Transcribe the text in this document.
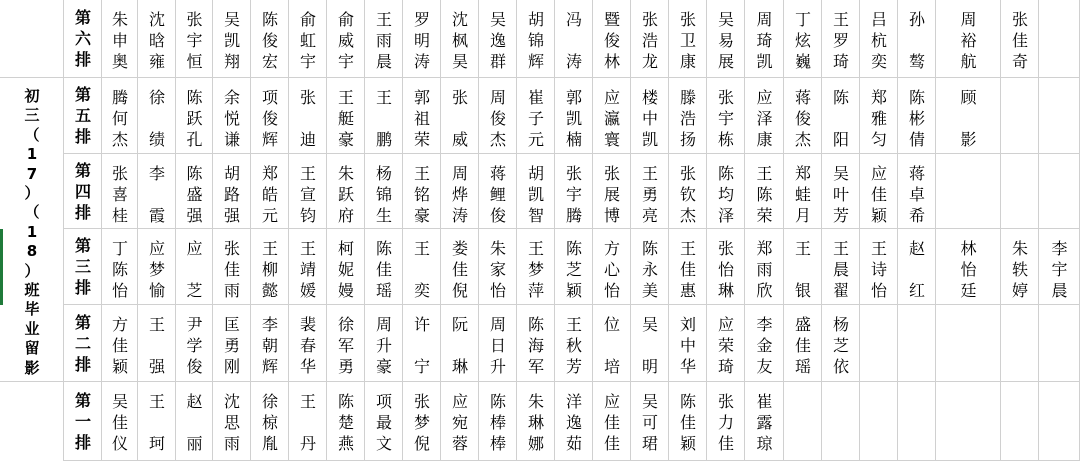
初
三
（
1
7
）
（
1
8
）
班
毕
业
留
影
第
六
排
朱
申
奥
沈
晗
雍
张
宇
恒
吴
凯
翔
陈
俊
宏
俞
虹
宇
俞
威
宇
王
雨
晨
罗
明
涛
沈
枫
昊
吴
逸
群
胡
锦
辉
冯

涛
暨
俊
林
张
浩
龙
张
卫
康
吴
易
展
周
琦
凯
丁
炫
巍
王
罗
琦
吕
杭
奕
孙

骜
周
裕
航
张
佳
奇
第
五
排
腾
何
杰
徐

绩
陈
跃
孔
余
悦
谦
项
俊
辉
张

迪
王
艇
豪
王

鹏
郭
祖
荣
张

威
周
俊
杰
崔
子
元
郭
凯
楠
应
瀛
寰
楼
中
凯
滕
浩
扬
张
宇
栋
应
泽
康
蒋
俊
杰
陈

阳
郑
雅
匀
陈
彬
倩
顾

影
第
四
排
张
喜
桂
李

霞
陈
盛
强
胡
路
强
郑
皓
元
王
宣
钧
朱
跃
府
杨
锦
生
王
铭
豪
周
烨
涛
蒋
鲤
俊
胡
凯
智
张
宇
腾
张
展
博
王
勇
亮
张
钦
杰
陈
均
泽
王
陈
荣
郑
蛙
月
吴
叶
芳
应
佳
颖
蒋
卓
希
第
三
排
丁
陈
怡
应
梦
愉
应

芝
张
佳
雨
王
柳
懿
王
靖
媛
柯
妮
嫚
陈
佳
瑶
王

奕
娄
佳
倪
朱
家
怡
王
梦
萍
陈
芝
颖
方
心
怡
陈
永
美
王
佳
惠
张
怡
琳
郑
雨
欣
王

银
王
晨
翟
王
诗
怡
赵

红
林
怡
廷
朱
轶
婷
李
宇
晨
第
二
排
方
佳
颖
王

强
尹
学
俊
匡
勇
刚
李
朝
辉
裴
春
华
徐
军
勇
周
升
豪
许

宁
阮

琳
周
日
升
陈
海
军
王
秋
芳
位

培
吴

明
刘
中
华
应
荣
琦
李
金
友
盛
佳
瑶
杨
芝
依
第
一
排
吴
佳
仪
王

珂
赵

丽
沈
思
雨
徐
椋
胤
王

丹
陈
楚
燕
项
最
文
张
梦
倪
应
宛
蓉
陈
棒
棒
朱
琳
娜
洋
逸
茹
应
佳
佳
吴
可
珺
陈
佳
颖
张
力
佳
崔
露
琼
